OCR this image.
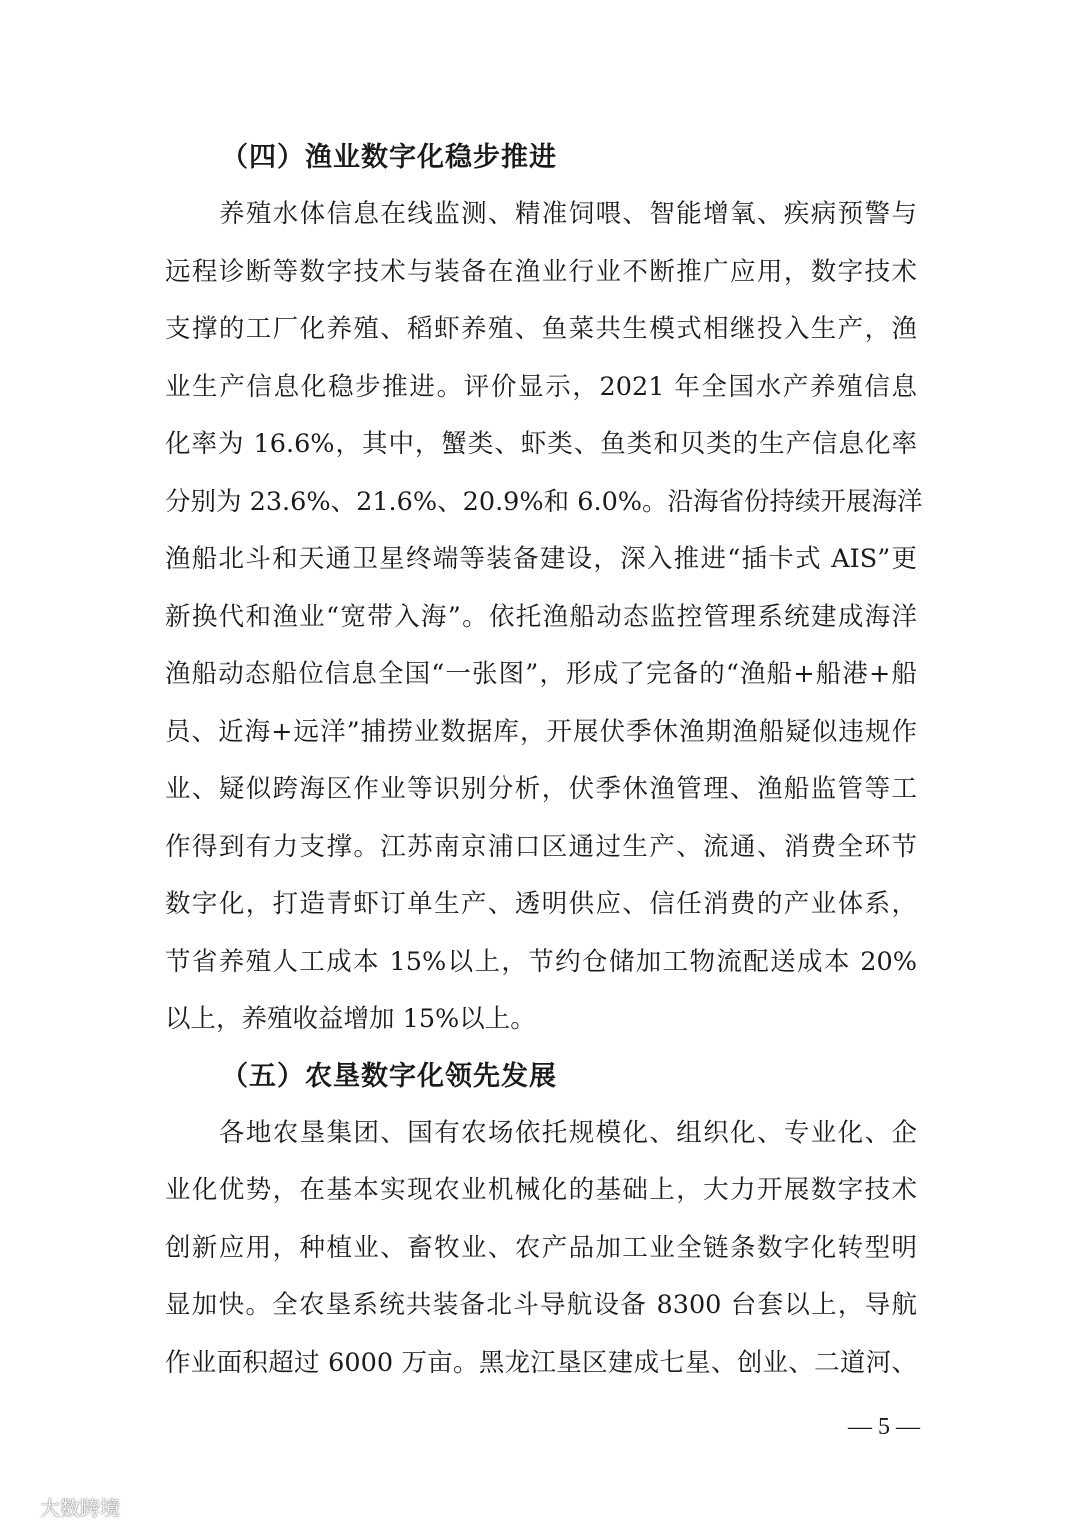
（四）渔业数字化稳步推进
养殖水体信息在线监测、精准饲喂、智能增氧、疾病预警与
远程诊断等数字技术与装备在渔业行业不断推广应用，数字技术
支撑的工厂化养殖、稻虾养殖、鱼菜共生模式相继投入生产，渔
业生产信息化稳步推进。评价显示，2021 年全国水产养殖信息
化率为 16.6%，其中，蟹类、虾类、鱼类和贝类的生产信息化率
分别为 23.6%、21.6%、20.9%和 6.0%。沿海省份持续开展海洋
渔船北斗和天通卫星终端等装备建设，深入推进“插卡式 AIS”更
新换代和渔业“宽带入海”。依托渔船动态监控管理系统建成海洋
渔船动态船位信息全国“一张图”，形成了完备的“渔船+船港+船
员、近海+远洋”捕捞业数据库，开展伏季休渔期渔船疑似违规作
业、疑似跨海区作业等识别分析，伏季休渔管理、渔船监管等工
作得到有力支撑。江苏南京浦口区通过生产、流通、消费全环节
数字化，打造青虾订单生产、透明供应、信任消费的产业体系，
节省养殖人工成本 15%以上，节约仓储加工物流配送成本 20%
以上，养殖收益增加 15%以上。
（五）农垦数字化领先发展
各地农垦集团、国有农场依托规模化、组织化、专业化、企
业化优势，在基本实现农业机械化的基础上，大力开展数字技术
创新应用，种植业、畜牧业、农产品加工业全链条数字化转型明
显加快。全农垦系统共装备北斗导航设备 8300 台套以上，导航
作业面积超过 6000 万亩。黑龙江垦区建成七星、创业、二道河、
— 5 —
大数跨境
